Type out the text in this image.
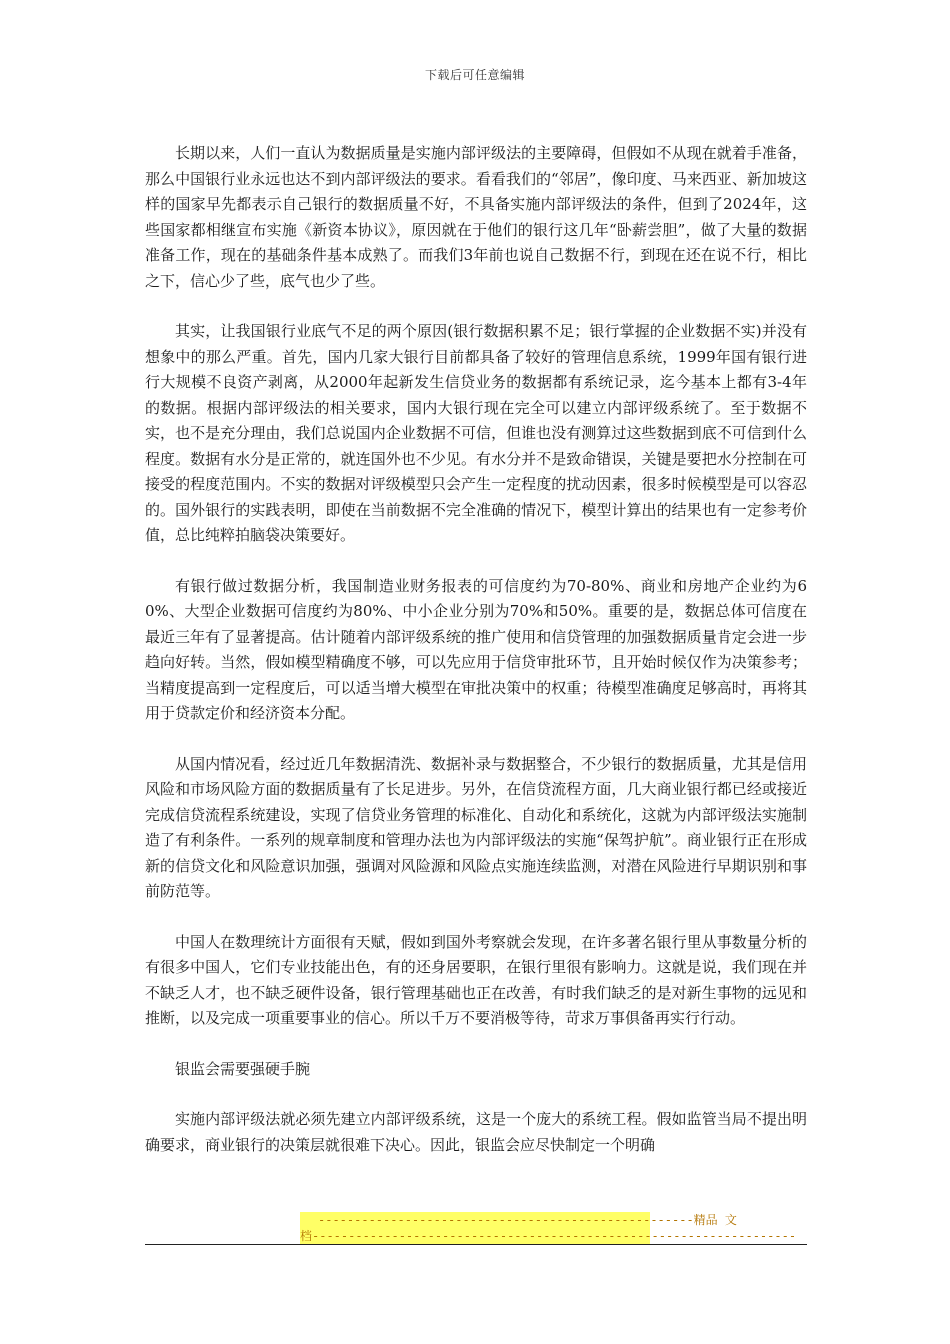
下载后可任意编辑

长期以来，人们一直认为数据质量是实施内部评级法的主要障碍，但假如不从现在就着手准备，那么中国银行业永远也达不到内部评级法的要求。看看我们的“邻居”，像印度、马来西亚、新加坡这样的国家早先都表示自己银行的数据质量不好，不具备实施内部评级法的条件，但到了2024年，这些国家都相继宣布实施《新资本协议》，原因就在于他们的银行这几年“卧薪尝胆”，做了大量的数据准备工作，现在的基础条件基本成熟了。而我们3年前也说自己数据不行，到现在还在说不行，相比之下，信心少了些，底气也少了些。

其实，让我国银行业底气不足的两个原因(银行数据积累不足；银行掌握的企业数据不实)并没有想象中的那么严重。首先，国内几家大银行目前都具备了较好的管理信息系统，1999年国有银行进行大规模不良资产剥离，从2000年起新发生信贷业务的数据都有系统记录，迄今基本上都有3-4年的数据。根据内部评级法的相关要求，国内大银行现在完全可以建立内部评级系统了。至于数据不实，也不是充分理由，我们总说国内企业数据不可信，但谁也没有测算过这些数据到底不可信到什么程度。数据有水分是正常的，就连国外也不少见。有水分并不是致命错误，关键是要把水分控制在可接受的程度范围内。不实的数据对评级模型只会产生一定程度的扰动因素，很多时候模型是可以容忍的。国外银行的实践表明，即使在当前数据不完全准确的情况下，模型计算出的结果也有一定参考价值，总比纯粹拍脑袋决策要好。

有银行做过数据分析，我国制造业财务报表的可信度约为70-80%、商业和房地产企业约为60%、大型企业数据可信度约为80%、中小企业分别为70%和50%。重要的是，数据总体可信度在最近三年有了显著提高。估计随着内部评级系统的推广使用和信贷管理的加强数据质量肯定会进一步趋向好转。当然，假如模型精确度不够，可以先应用于信贷审批环节，且开始时候仅作为决策参考；当精度提高到一定程度后，可以适当增大模型在审批决策中的权重；待模型准确度足够高时，再将其用于贷款定价和经济资本分配。

从国内情况看，经过近几年数据清洗、数据补录与数据整合，不少银行的数据质量，尤其是信用风险和市场风险方面的数据质量有了长足进步。另外，在信贷流程方面，几大商业银行都已经或接近完成信贷流程系统建设，实现了信贷业务管理的标准化、自动化和系统化，这就为内部评级法实施制造了有利条件。一系列的规章制度和管理办法也为内部评级法的实施“保驾护航”。商业银行正在形成新的信贷文化和风险意识加强，强调对风险源和风险点实施连续监测，对潜在风险进行早期识别和事前防范等。

中国人在数理统计方面很有天赋，假如到国外考察就会发现，在许多著名银行里从事数量分析的有很多中国人，它们专业技能出色，有的还身居要职，在银行里很有影响力。这就是说，我们现在并不缺乏人才，也不缺乏硬件设备，银行管理基础也正在改善，有时我们缺乏的是对新生事物的远见和推断，以及完成一项重要事业的信心。所以千万不要消极等待，苛求万事俱备再实行行动。

银监会需要强硬手腕

实施内部评级法就必须先建立内部评级系统，这是一个庞大的系统工程。假如监管当局不提出明确要求，商业银行的决策层就很难下决心。因此，银监会应尽快制定一个明确

----------------------------------------------------精品 文
档-------------------------------------------------------------------
